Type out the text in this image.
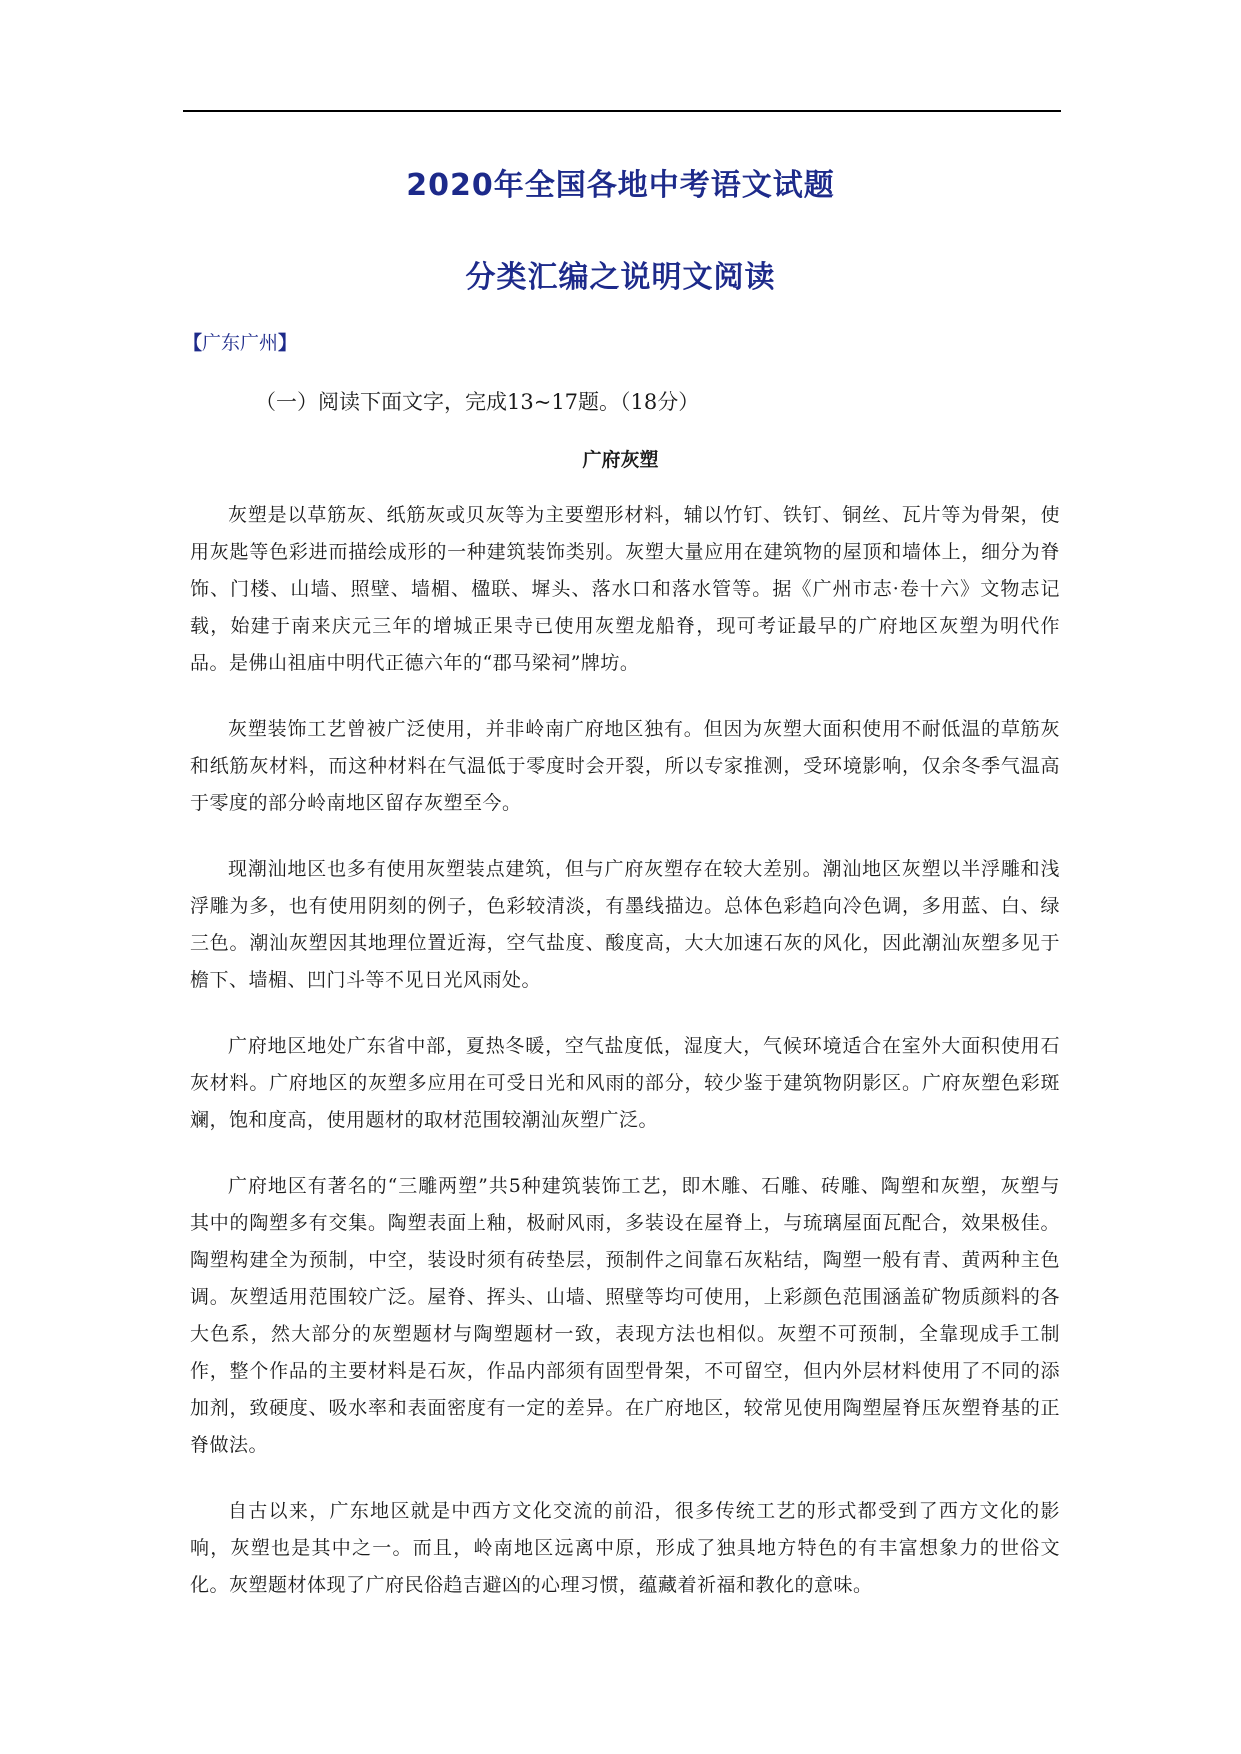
2020年全国各地中考语文试题
分类汇编之说明文阅读
【广东广州】
（一）阅读下面文字，完成13~17题。（18分）
广府灰塑

灰塑是以草筋灰、纸筋灰或贝灰等为主要塑形材料，辅以竹钉、铁钉、铜丝、瓦片等为骨架，使用灰匙等色彩进而描绘成形的一种建筑装饰类别。灰塑大量应用在建筑物的屋顶和墙体上，细分为脊饰、门楼、山墙、照壁、墙楣、楹联、墀头、落水口和落水管等。据《广州市志·卷十六》文物志记载，始建于南来庆元三年的增城正果寺已使用灰塑龙船脊，现可考证最早的广府地区灰塑为明代作品。是佛山祖庙中明代正德六年的“郡马梁祠”牌坊。

灰塑装饰工艺曾被广泛使用，并非岭南广府地区独有。但因为灰塑大面积使用不耐低温的草筋灰和纸筋灰材料，而这种材料在气温低于零度时会开裂，所以专家推测，受环境影响，仅余冬季气温高于零度的部分岭南地区留存灰塑至今。

现潮汕地区也多有使用灰塑装点建筑，但与广府灰塑存在较大差别。潮汕地区灰塑以半浮雕和浅浮雕为多，也有使用阴刻的例子，色彩较清淡，有墨线描边。总体色彩趋向冷色调，多用蓝、白、绿三色。潮汕灰塑因其地理位置近海，空气盐度、酸度高，大大加速石灰的风化，因此潮汕灰塑多见于檐下、墙楣、凹门斗等不见日光风雨处。

广府地区地处广东省中部，夏热冬暖，空气盐度低，湿度大，气候环境适合在室外大面积使用石灰材料。广府地区的灰塑多应用在可受日光和风雨的部分，较少鉴于建筑物阴影区。广府灰塑色彩斑斓，饱和度高，使用题材的取材范围较潮汕灰塑广泛。

广府地区有著名的“三雕两塑”共5种建筑装饰工艺，即木雕、石雕、砖雕、陶塑和灰塑，灰塑与其中的陶塑多有交集。陶塑表面上釉，极耐风雨，多装设在屋脊上，与琉璃屋面瓦配合，效果极佳。陶塑构建全为预制，中空，装设时须有砖垫层，预制件之间靠石灰粘结，陶塑一般有青、黄两种主色调。灰塑适用范围较广泛。屋脊、挥头、山墙、照壁等均可使用，上彩颜色范围涵盖矿物质颜料的各大色系，然大部分的灰塑题材与陶塑题材一致，表现方法也相似。灰塑不可预制，全靠现成手工制作，整个作品的主要材料是石灰，作品内部须有固型骨架，不可留空，但内外层材料使用了不同的添加剂，致硬度、吸水率和表面密度有一定的差异。在广府地区，较常见使用陶塑屋脊压灰塑脊基的正脊做法。

自古以来，广东地区就是中西方文化交流的前沿，很多传统工艺的形式都受到了西方文化的影响，灰塑也是其中之一。而且，岭南地区远离中原，形成了独具地方特色的有丰富想象力的世俗文化。灰塑题材体现了广府民俗趋吉避凶的心理习惯，蕴藏着祈福和教化的意味。
